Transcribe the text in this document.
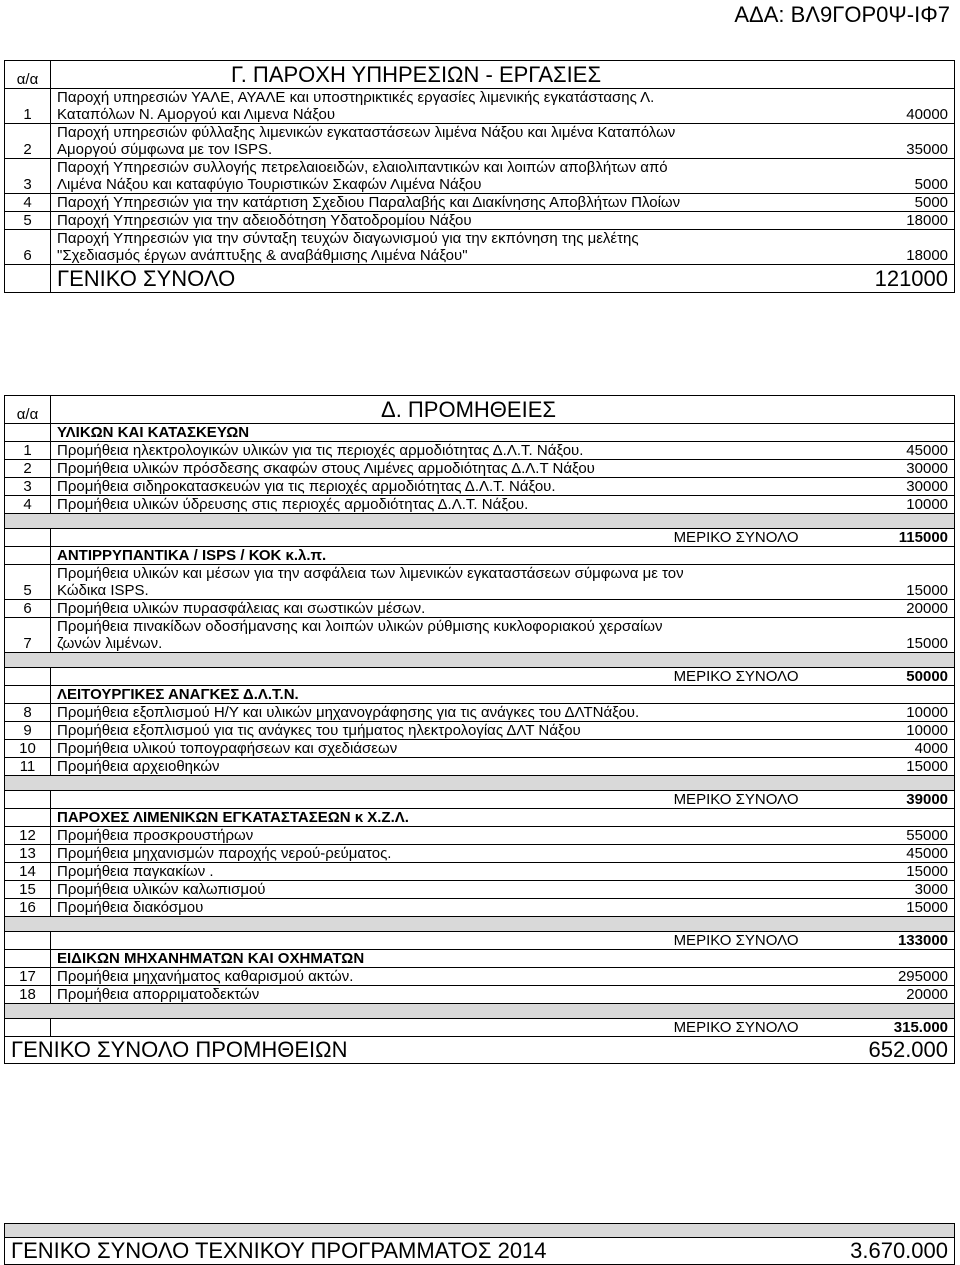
ΑΔΑ: ΒΛ9ΓΟΡ0Ψ-ΙΦ7
α/α	Γ. ΠΑΡΟΧΗ ΥΠΗΡΕΣΙΩΝ - ΕΡΓΑΣΙΕΣ	
1	Παροχή υπηρεσιών ΥΑΛΕ, ΑΥΑΛΕ και υποστηρικτικές εργασίες λιμενικής εγκατάστασης Λ.
Καταπόλων Ν. Αμοργού και Λιμενα Νάξου	40000
2	Παροχή υπηρεσιών φύλλαξης λιμενικών εγκαταστάσεων λιμένα Νάξου και λιμένα Καταπόλων
Αμοργού σύμφωνα με τον ISPS.	35000
3	Παροχή Υπηρεσιών συλλογής πετρελαιοειδών, ελαιολιπαντικών και λοιπών αποβλήτων από
Λιμένα Νάξου και καταφύγιο Τουριστικών Σκαφών Λιμένα Νάξου	5000
4	Παροχή Υπηρεσιών για την κατάρτιση Σχεδιου Παραλαβής και Διακίνησης Αποβλήτων Πλοίων	5000
5	Παροχή Υπηρεσιών για την αδειοδότηση Υδατοδρομίου Νάξου	18000
6	Παροχή Υπηρεσιών για την σύνταξη τευχών διαγωνισμού για την εκπόνηση της μελέτης
"Σχεδιασμός έργων ανάπτυξης & αναβάθμισης Λιμένα Νάξου"	18000
	ΓΕΝΙΚΟ ΣΥΝΟΛΟ	121000
α/α	Δ. ΠΡΟΜΗΘΕΙΕΣ	
	ΥΛΙΚΩΝ ΚΑΙ ΚΑΤΑΣΚΕΥΩΝ	
1	Προμήθεια ηλεκτρολογικών υλικών για τις περιοχές αρμοδιότητας Δ.Λ.Τ. Νάξου.	45000
2	Προμήθεια υλικών πρόσδεσης σκαφών στους Λιμένες αρμοδιότητας Δ.Λ.Τ Νάξου	30000
3	Προμήθεια σιδηροκατασκευών για τις περιοχές αρμοδιότητας Δ.Λ.Τ. Νάξου.	30000
4	Προμήθεια υλικών ύδρευσης στις περιοχές αρμοδιότητας Δ.Λ.Τ. Νάξου.	10000

	ΜΕΡΙΚΟ ΣΥΝΟΛΟ	115000
	ΑΝΤΙΡΡΥΠΑΝΤΙΚΑ / ISPS / ΚΟΚ κ.λ.π.	
5	Προμήθεια υλικών και μέσων για την ασφάλεια των λιμενικών εγκαταστάσεων σύμφωνα με τον
Κώδικα ISPS.	15000
6	Προμήθεια υλικών πυρασφάλειας και σωστικών μέσων.	20000
7	Προμήθεια πινακίδων οδοσήμανσης και λοιπών υλικών ρύθμισης κυκλοφοριακού χερσαίων
ζωνών λιμένων.	15000

	ΜΕΡΙΚΟ ΣΥΝΟΛΟ	50000
	ΛΕΙΤΟΥΡΓΙΚΕΣ ΑΝΑΓΚΕΣ Δ.Λ.Τ.Ν.	
8	Προμήθεια εξοπλισμού Η/Υ και υλικών μηχανογράφησης για τις ανάγκες του ΔΛΤΝάξου.	10000
9	Προμήθεια εξοπλισμού για τις ανάγκες του τμήματος ηλεκτρολογίας ΔΛΤ Νάξου	10000
10	Προμήθεια υλικού τοπογραφήσεων και σχεδιάσεων	4000
11	Προμήθεια αρχειοθηκών	15000

	ΜΕΡΙΚΟ ΣΥΝΟΛΟ	39000
	ΠΑΡΟΧΕΣ ΛΙΜΕΝΙΚΩΝ ΕΓΚΑΤΑΣΤΑΣΕΩΝ κ Χ.Ζ.Λ.	
12	Προμήθεια προσκρουστήρων	55000
13	Προμήθεια μηχανισμών παροχής νερού-ρεύματος.	45000
14	Προμήθεια παγκακίων .	15000
15	Προμήθεια υλικών καλωπισμού	3000
16	Προμήθεια διακόσμου	15000

	ΜΕΡΙΚΟ ΣΥΝΟΛΟ	133000
	ΕΙΔΙΚΩΝ ΜΗΧΑΝΗΜΑΤΩΝ ΚΑΙ ΟΧΗΜΑΤΩΝ	
17	Προμήθεια μηχανήματος καθαρισμού ακτών.	295000
18	Προμήθεια απορριματοδεκτών	20000

	ΜΕΡΙΚΟ ΣΥΝΟΛΟ	315.000
ΓΕΝΙΚΟ ΣΥΝΟΛΟ ΠΡΟΜΗΘΕΙΩΝ		652.000

ΓΕΝΙΚΟ ΣΥΝΟΛΟ ΤΕΧΝΙΚΟΥ ΠΡΟΓΡΑΜΜΑΤΟΣ 2014	3.670.000
